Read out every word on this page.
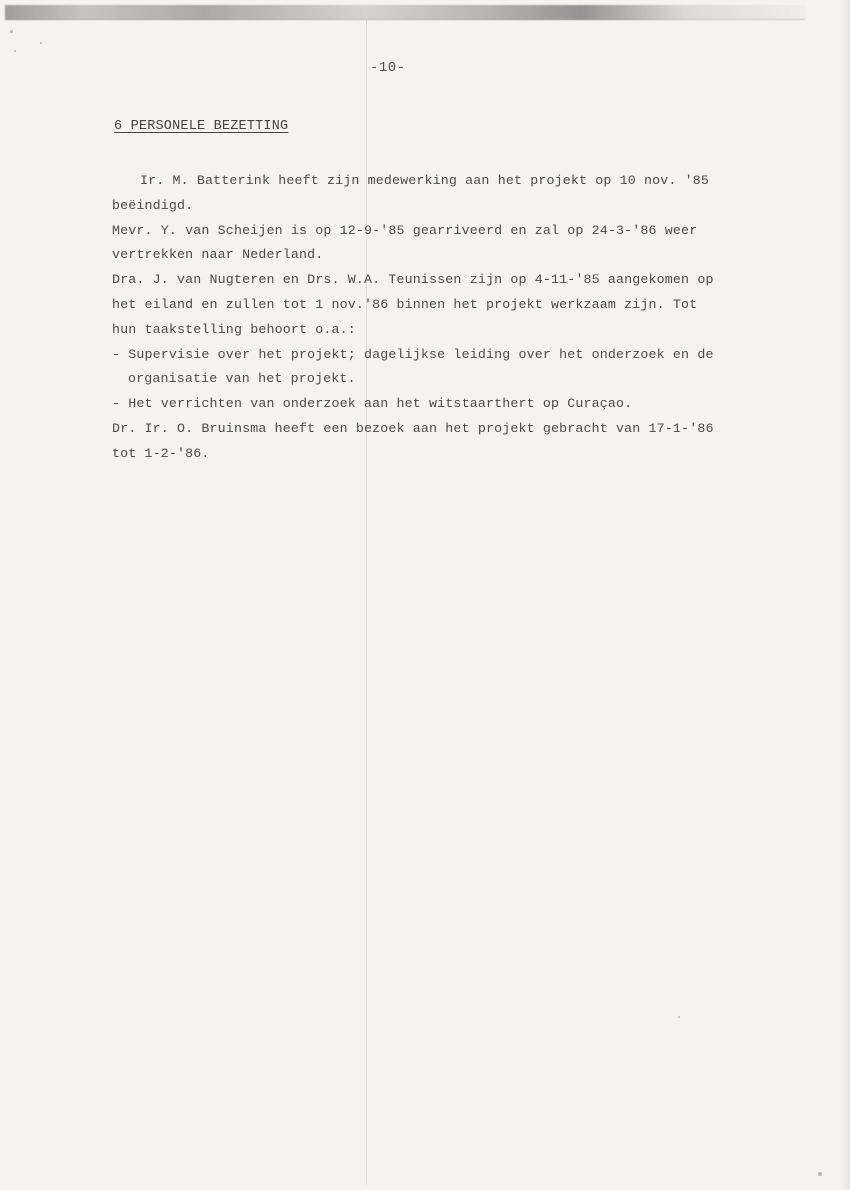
-10-
6 PERSONELE BEZETTING
Ir. M. Batterink heeft zijn medewerking aan het projekt op 10 nov. '85
beëindigd.
Mevr. Y. van Scheijen is op 12-9-'85 gearriveerd en zal op 24-3-'86 weer
vertrekken naar Nederland.
Dra. J. van Nugteren en Drs. W.A. Teunissen zijn op 4-11-'85 aangekomen op
het eiland en zullen tot 1 nov.'86 binnen het projekt werkzaam zijn. Tot
hun taakstelling behoort o.a.:
- Supervisie over het projekt; dagelijkse leiding over het onderzoek en de
organisatie van het projekt.
- Het verrichten van onderzoek aan het witstaarthert op Curaçao.
Dr. Ir. O. Bruinsma heeft een bezoek aan het projekt gebracht van 17-1-'86
tot 1-2-'86.
